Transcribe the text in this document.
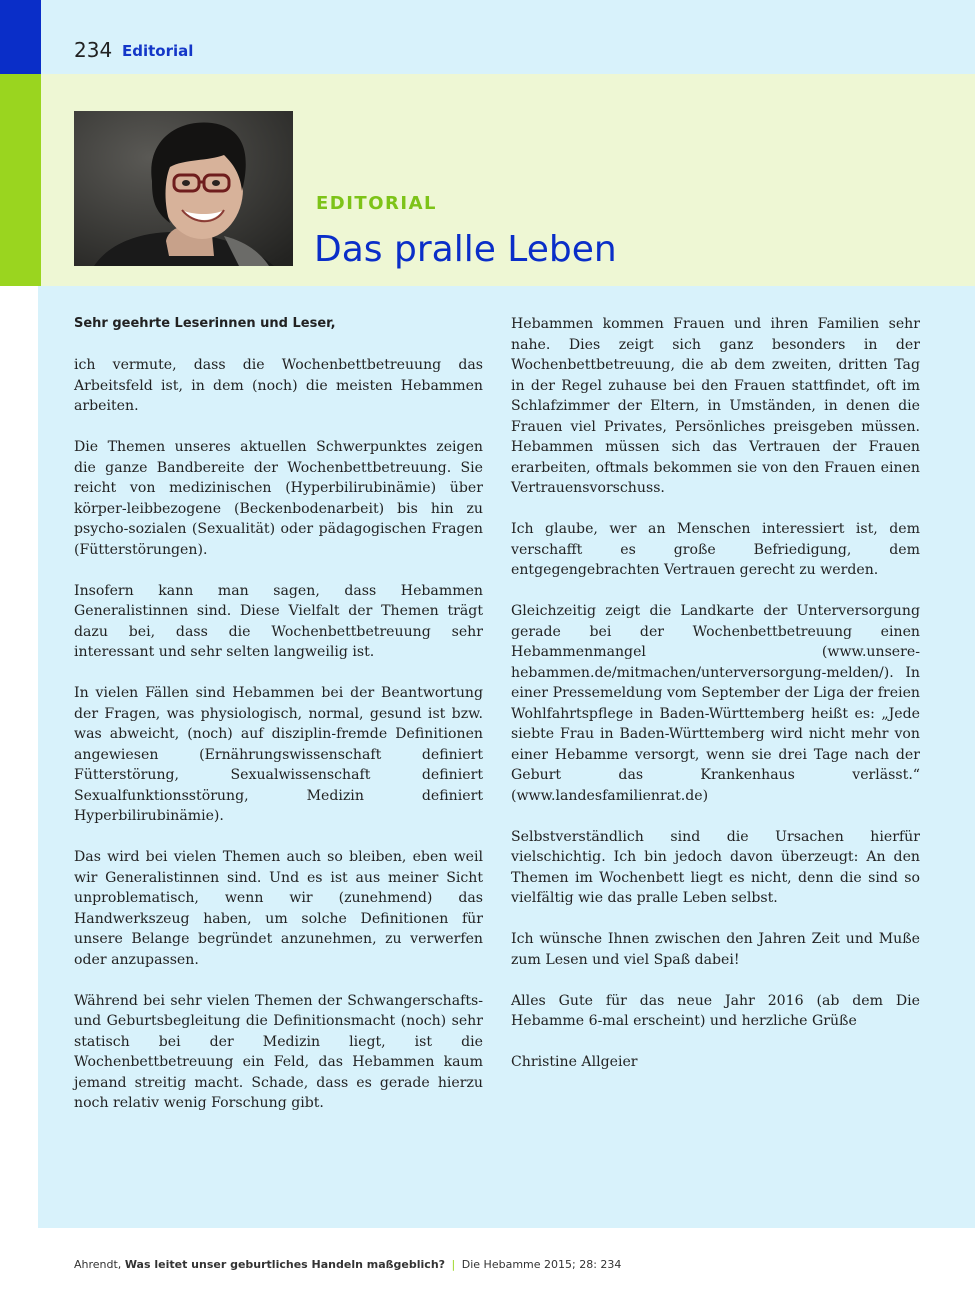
234 Editorial
EDITORIAL
Das pralle Leben

Sehr geehrte Leserinnen und Leser,

ich vermute, dass die Wochenbettbetreuung das Arbeitsfeld ist, in dem (noch) die meisten Hebammen arbeiten.

Die Themen unseres aktuellen Schwerpunktes zeigen die ganze Bandbereite der Wochenbettbetreuung. Sie reicht von medizinischen (Hyperbilirubinämie) über körper-leibbezogene (Beckenbodenarbeit) bis hin zu psycho-sozialen (Sexualität) oder pädagogischen Fragen (Fütterstörungen).

Insofern kann man sagen, dass Hebammen Generalistinnen sind. Diese Vielfalt der Themen trägt dazu bei, dass die Wochenbettbetreuung sehr interessant und sehr selten langweilig ist.

In vielen Fällen sind Hebammen bei der Beantwortung der Fragen, was physiologisch, normal, gesund ist bzw. was abweicht, (noch) auf disziplin-fremde Definitionen angewiesen (Ernährungswissenschaft definiert Fütterstörung, Sexualwissenschaft definiert Sexualfunktionsstörung, Medizin definiert Hyperbilirubinämie).

Das wird bei vielen Themen auch so bleiben, eben weil wir Generalistinnen sind. Und es ist aus meiner Sicht unproblematisch, wenn wir (zunehmend) das Handwerkszeug haben, um solche Definitionen für unsere Belange begründet anzunehmen, zu verwerfen oder anzupassen.

Während bei sehr vielen Themen der Schwangerschafts- und Geburtsbegleitung die Definitionsmacht (noch) sehr statisch bei der Medizin liegt, ist die Wochenbettbetreuung ein Feld, das Hebammen kaum jemand streitig macht. Schade, dass es gerade hierzu noch relativ wenig Forschung gibt.

Hebammen kommen Frauen und ihren Familien sehr nahe. Dies zeigt sich ganz besonders in der Wochenbettbetreuung, die ab dem zweiten, dritten Tag in der Regel zuhause bei den Frauen stattfindet, oft im Schlafzimmer der Eltern, in Umständen, in denen die Frauen viel Privates, Persönliches preisgeben müssen. Hebammen müssen sich das Vertrauen der Frauen erarbeiten, oftmals bekommen sie von den Frauen einen Vertrauensvorschuss.

Ich glaube, wer an Menschen interessiert ist, dem verschafft es große Befriedigung, dem entgegengebrachten Vertrauen gerecht zu werden.

Gleichzeitig zeigt die Landkarte der Unterversorgung gerade bei der Wochenbettbetreuung einen Hebammenmangel (www.unsere-hebammen.de/mitmachen/unterversorgung-melden/). In einer Pressemeldung vom September der Liga der freien Wohlfahrtspflege in Baden-Württemberg heißt es: „Jede siebte Frau in Baden-Württemberg wird nicht mehr von einer Hebamme versorgt, wenn sie drei Tage nach der Geburt das Krankenhaus verlässt.“ (www.landesfamilienrat.de)

Selbstverständlich sind die Ursachen hierfür vielschichtig. Ich bin jedoch davon überzeugt: An den Themen im Wochenbett liegt es nicht, denn die sind so vielfältig wie das pralle Leben selbst.

Ich wünsche Ihnen zwischen den Jahren Zeit und Muße zum Lesen und viel Spaß dabei!

Alles Gute für das neue Jahr 2016 (ab dem Die Hebamme 6-mal erscheint) und herzliche Grüße

Christine Allgeier

Ahrendt, Was leitet unser geburtliches Handeln maßgeblich? | Die Hebamme 2015; 28: 234
